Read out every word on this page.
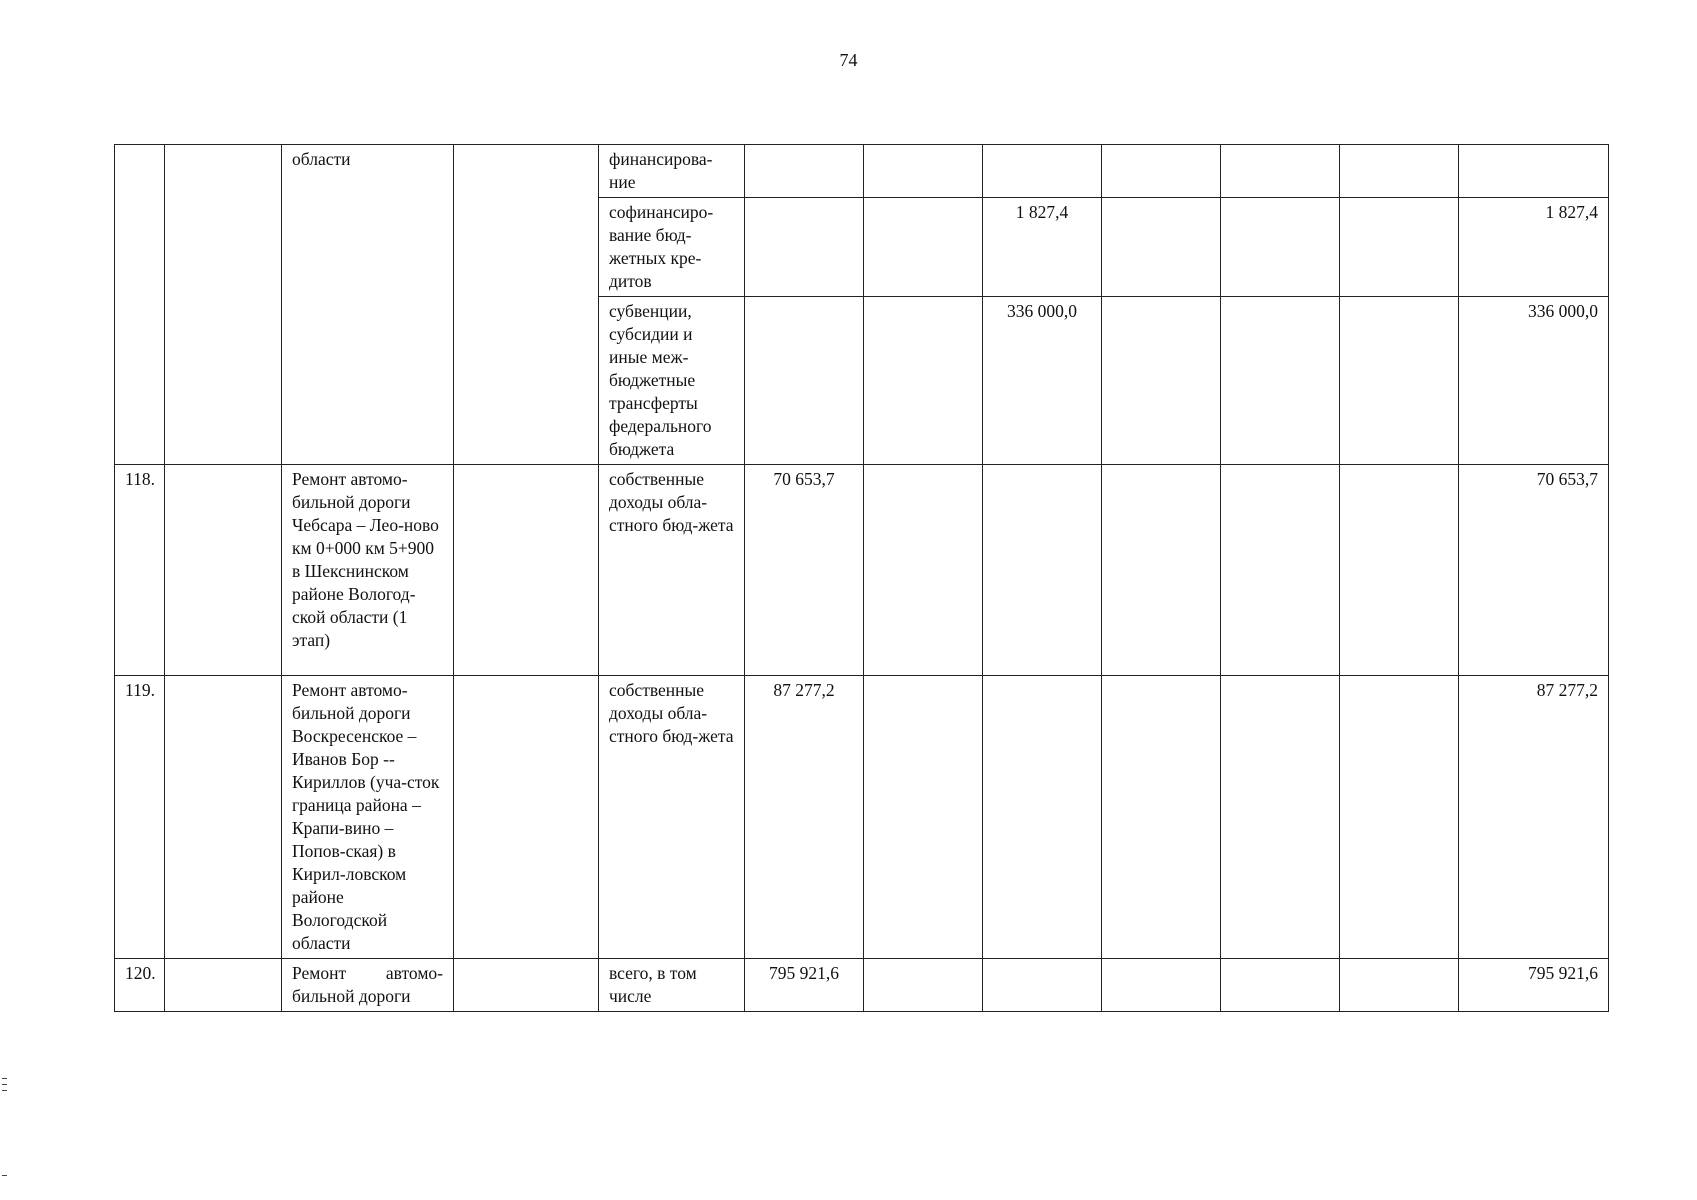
74
		области		финансирова-ние							
				софинансиро-вание бюд-жетных кре-дитов			1 827,4				1 827,4
				субвенции, субсидии и иные меж-бюджетные трансферты федерального бюджета			336 000,0				336 000,0
118.		Ремонт автомо-бильной дороги Чебсара – Лео-ново км 0+000 км 5+900 в Шекснинском районе Вологод-ской области (1 этап)		собственные доходы обла-стного бюд-жета	70 653,7						70 653,7
119.		Ремонт автомо-бильной дороги Воскресенское – Иванов Бор -- Кириллов (уча-сток граница района – Крапи-вино – Попов-ская) в Кирил-ловском районе Вологодской области		собственные доходы обла-стного бюд-жета	87 277,2						87 277,2
120.		Ремонт автомо-бильной дороги		всего, в том числе	795 921,6						795 921,6
